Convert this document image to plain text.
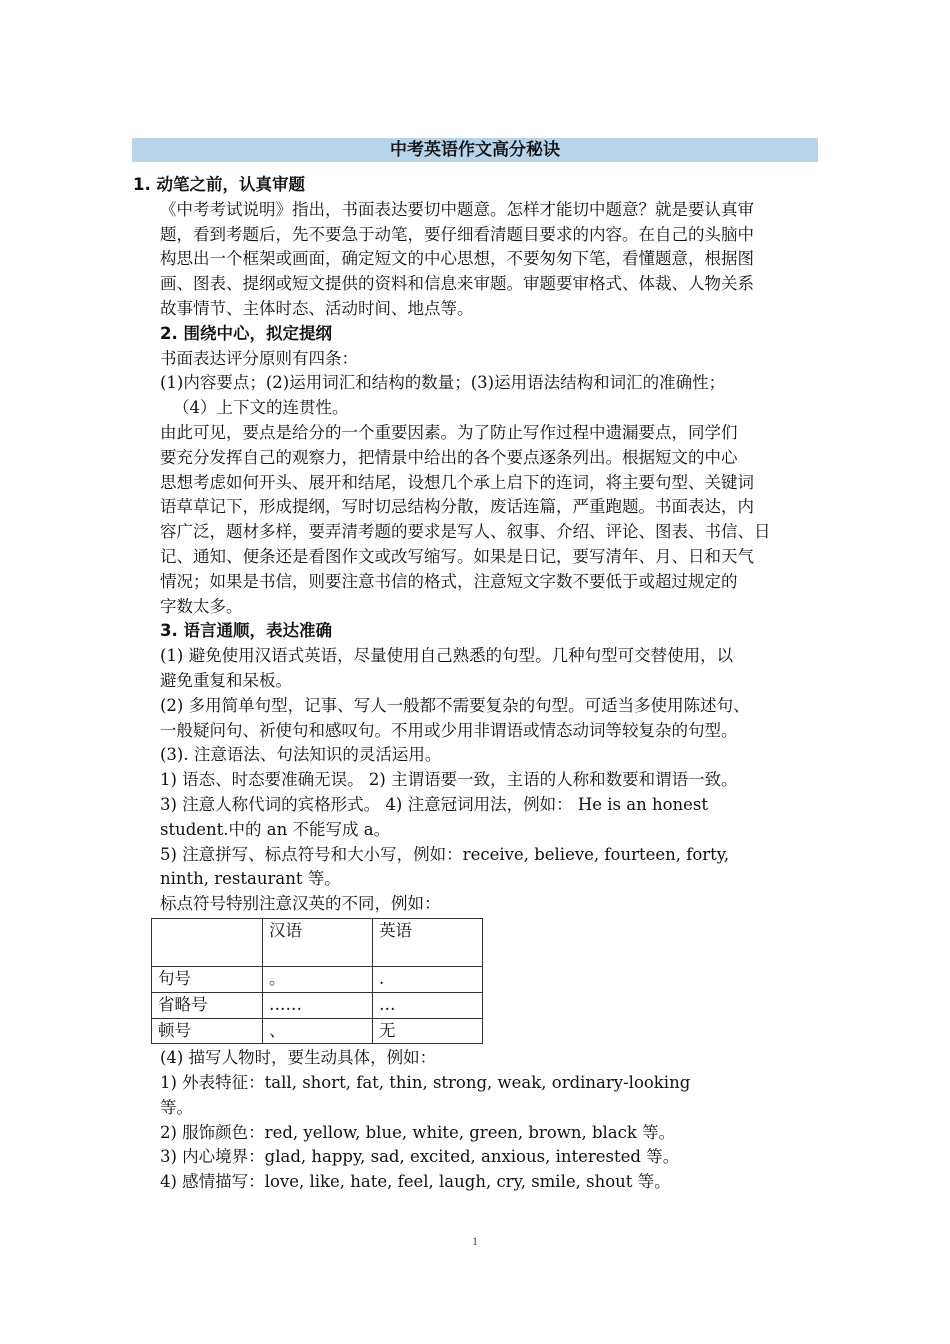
中考英语作文高分秘诀

1. 动笔之前，认真审题

《中考考试说明》指出，书面表达要切中题意。怎样才能切中题意？就是要认真审

题，看到考题后，先不要急于动笔，要仔细看清题目要求的内容。在自己的头脑中

构思出一个框架或画面，确定短文的中心思想，不要匆匆下笔，看懂题意，根据图

画、图表、提纲或短文提供的资料和信息来审题。审题要审格式、体裁、人物关系

故事情节、主体时态、活动时间、地点等。

2. 围绕中心，拟定提纲

书面表达评分原则有四条：

(1)内容要点；(2)运用词汇和结构的数量；(3)运用语法结构和词汇的准确性；

（4）上下文的连贯性。

由此可见，要点是给分的一个重要因素。为了防止写作过程中遗漏要点，同学们

要充分发挥自己的观察力，把情景中给出的各个要点逐条列出。根据短文的中心

思想考虑如何开头、展开和结尾，设想几个承上启下的连词，将主要句型、关键词

语草草记下，形成提纲，写时切忌结构分散，废话连篇，严重跑题。书面表达，内

容广泛，题材多样，要弄清考题的要求是写人、叙事、介绍、评论、图表、书信、日

记、通知、便条还是看图作文或改写缩写。如果是日记，要写清年、月、日和天气

情况；如果是书信，则要注意书信的格式，注意短文字数不要低于或超过规定的

字数太多。

3. 语言通顺，表达准确

(1) 避免使用汉语式英语，尽量使用自己熟悉的句型。几种句型可交替使用，以

避免重复和呆板。

(2) 多用简单句型，记事、写人一般都不需要复杂的句型。可适当多使用陈述句、

一般疑问句、祈使句和感叹句。不用或少用非谓语或情态动词等较复杂的句型。

(3). 注意语法、句法知识的灵活运用。

1) 语态、时态要准确无误。 2) 主谓语要一致，主语的人称和数要和谓语一致。

3) 注意人称代词的宾格形式。 4) 注意冠词用法，例如： He is an honest

student.中的 an 不能写成 a。

5) 注意拼写、标点符号和大小写，例如：receive, believe, fourteen, forty,

ninth, restaurant 等。

标点符号特别注意汉英的不同，例如：

	汉语	英语
句号	。	.
省略号	……	…
顿号	、	无

(4) 描写人物时，要生动具体，例如：

1) 外表特征：tall, short, fat, thin, strong, weak, ordinary-looking

等。

2) 服饰颜色：red, yellow, blue, white, green, brown, black 等。

3) 内心境界：glad, happy, sad, excited, anxious, interested 等。

4) 感情描写：love, like, hate, feel, laugh, cry, smile, shout 等。

1
